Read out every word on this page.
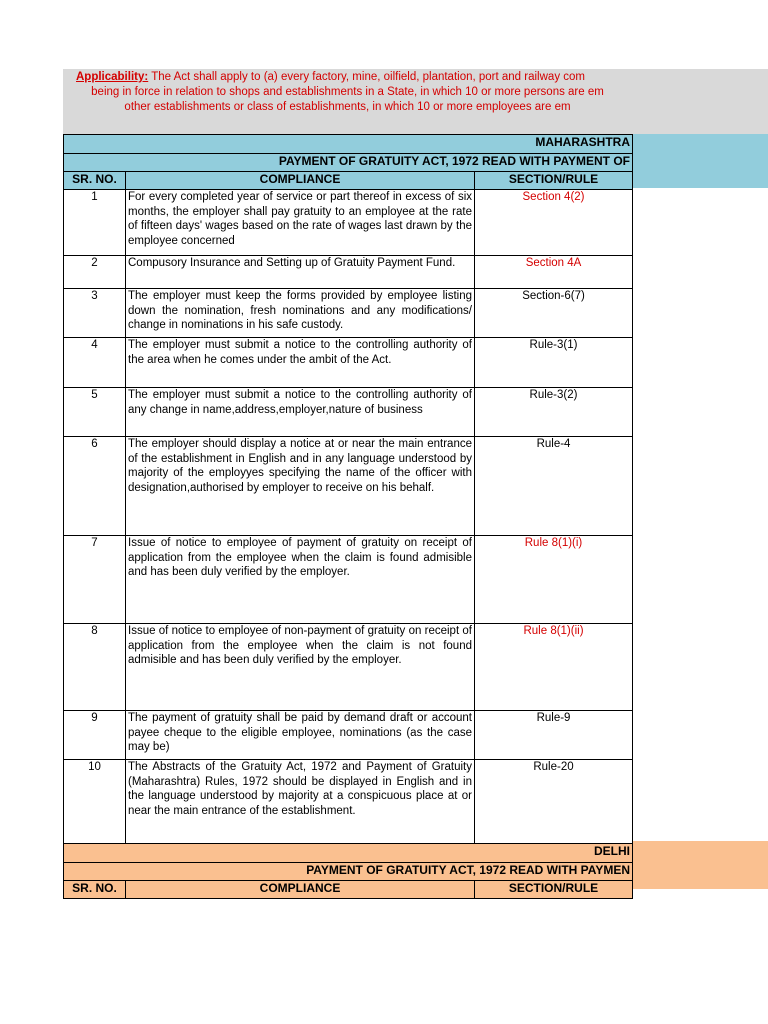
Applicability: The Act shall apply to (a) every factory, mine, oilfield, plantation, port and railway com
being in force in relation to shops and establishments in a State, in which 10 or more persons are em
other establishments or class of establishments, in which 10 or more employees are em
MAHARASHTRA		
PAYMENT OF GRATUITY ACT, 1972 READ WITH PAYMENT OF		
SR. NO.	COMPLIANCE	SECTION/RULE
1	For every completed year of service or part thereof in excess of six months, the employer shall pay gratuity to an employee at the rate of fifteen days' wages based on the rate of wages last drawn by the employee concerned	Section 4(2)
2	Compusory Insurance and Setting up of Gratuity Payment Fund.	Section 4A
3	The employer must keep the forms provided by employee listing down the nomination, fresh nominations and any modifications/ change in nominations in his safe custody.	Section-6(7)
4	The employer must submit a notice to the controlling authority of the area when he comes under the ambit of the Act.	Rule-3(1)
5	The employer must submit a notice to the controlling authority of any change in name,address,employer,nature of business	Rule-3(2)
6	The employer should display a notice at or near the main entrance of the establishment in English and in any language understood by majority of the employyes specifying the name of the officer with designation,authorised by employer to receive on his behalf.	Rule-4
7	Issue of notice to employee of payment of gratuity on receipt of application from the employee when the claim is found admisible and has been duly verified by the employer.	Rule 8(1)(i)
8	Issue of notice to employee of non-payment of gratuity on receipt of application from the employee when the claim is not found admisible and has been duly verified by the employer.	Rule 8(1)(ii)
9	The payment of gratuity shall be paid by demand draft or account payee cheque to the eligible employee, nominations (as the case may be)	Rule-9
10	The Abstracts of the Gratuity Act, 1972 and Payment of Gratuity (Maharashtra) Rules, 1972 should be displayed in English and in the language understood by majority at a conspicuous place at or near the main entrance of the establishment.	Rule-20
DELHI		
PAYMENT OF GRATUITY ACT, 1972 READ WITH PAYMEN		
SR. NO.	COMPLIANCE	SECTION/RULE
